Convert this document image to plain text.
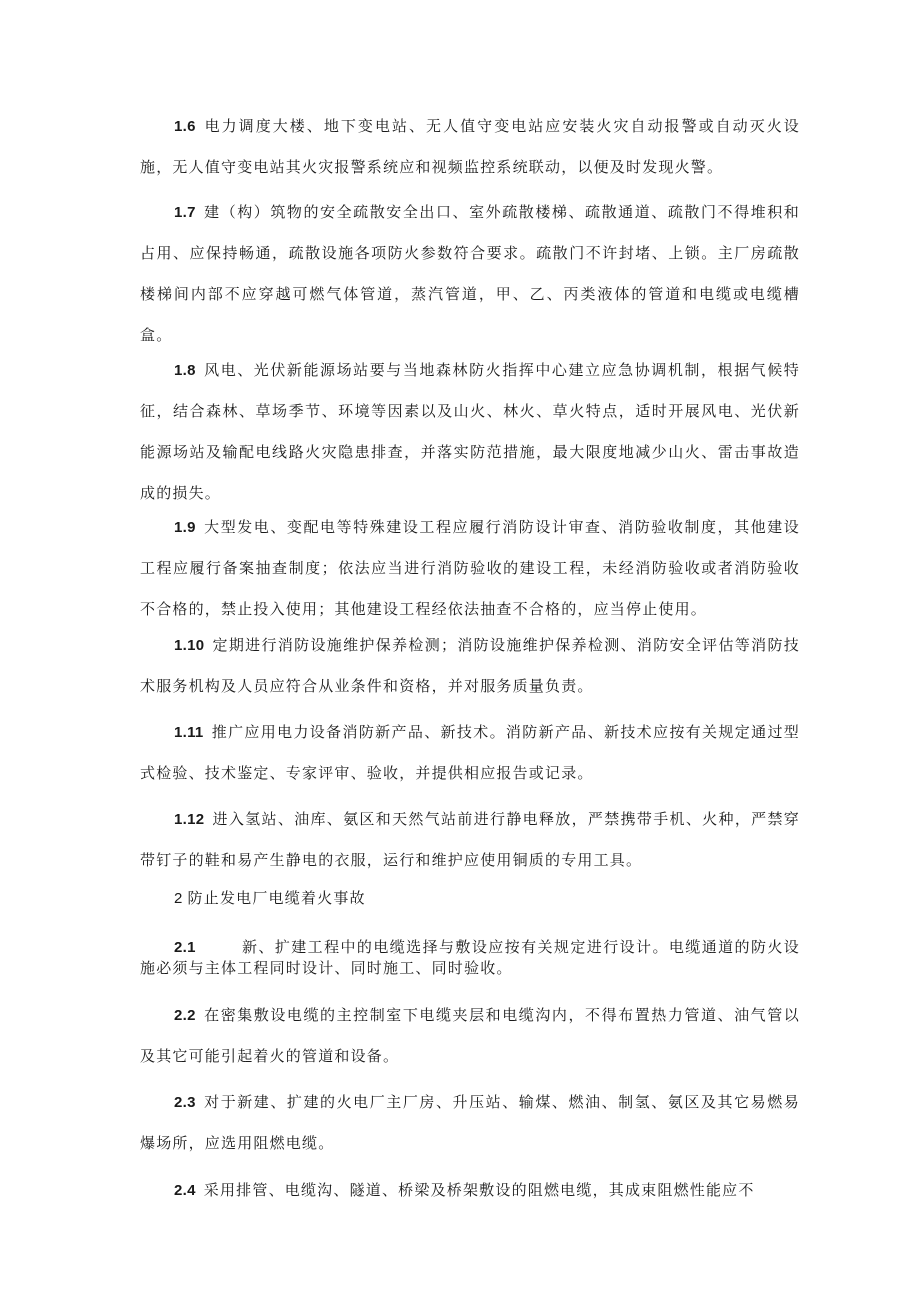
1.6 电力调度大楼、地下变电站、无人值守变电站应安装火灾自动报警或自动灭火设施，无人值守变电站其火灾报警系统应和视频监控系统联动，以便及时发现火警。

1.7 建（构）筑物的安全疏散安全出口、室外疏散楼梯、疏散通道、疏散门不得堆积和占用、应保持畅通，疏散设施各项防火参数符合要求。疏散门不许封堵、上锁。主厂房疏散楼梯间内部不应穿越可燃气体管道，蒸汽管道，甲、乙、丙类液体的管道和电缆或电缆槽盒。

1.8 风电、光伏新能源场站要与当地森林防火指挥中心建立应急协调机制，根据气候特征，结合森林、草场季节、环境等因素以及山火、林火、草火特点，适时开展风电、光伏新能源场站及输配电线路火灾隐患排查，并落实防范措施，最大限度地减少山火、雷击事故造成的损失。

1.9 大型发电、变配电等特殊建设工程应履行消防设计审查、消防验收制度，其他建设工程应履行备案抽查制度；依法应当进行消防验收的建设工程，未经消防验收或者消防验收不合格的，禁止投入使用；其他建设工程经依法抽查不合格的，应当停止使用。

1.10 定期进行消防设施维护保养检测；消防设施维护保养检测、消防安全评估等消防技术服务机构及人员应符合从业条件和资格，并对服务质量负责。

1.11 推广应用电力设备消防新产品、新技术。消防新产品、新技术应按有关规定通过型式检验、技术鉴定、专家评审、验收，并提供相应报告或记录。

1.12 进入氢站、油库、氨区和天然气站前进行静电释放，严禁携带手机、火种，严禁穿带钉子的鞋和易产生静电的衣服，运行和维护应使用铜质的专用工具。

2 防止发电厂电缆着火事故

2.1	新、扩建工程中的电缆选择与敷设应按有关规定进行设计。电缆通道的防火设施必须与主体工程同时设计、同时施工、同时验收。

2.2 在密集敷设电缆的主控制室下电缆夹层和电缆沟内，不得布置热力管道、油气管以及其它可能引起着火的管道和设备。

2.3 对于新建、扩建的火电厂主厂房、升压站、输煤、燃油、制氢、氨区及其它易燃易爆场所，应选用阻燃电缆。

2.4 采用排管、电缆沟、隧道、桥梁及桥架敷设的阻燃电缆，其成束阻燃性能应不
